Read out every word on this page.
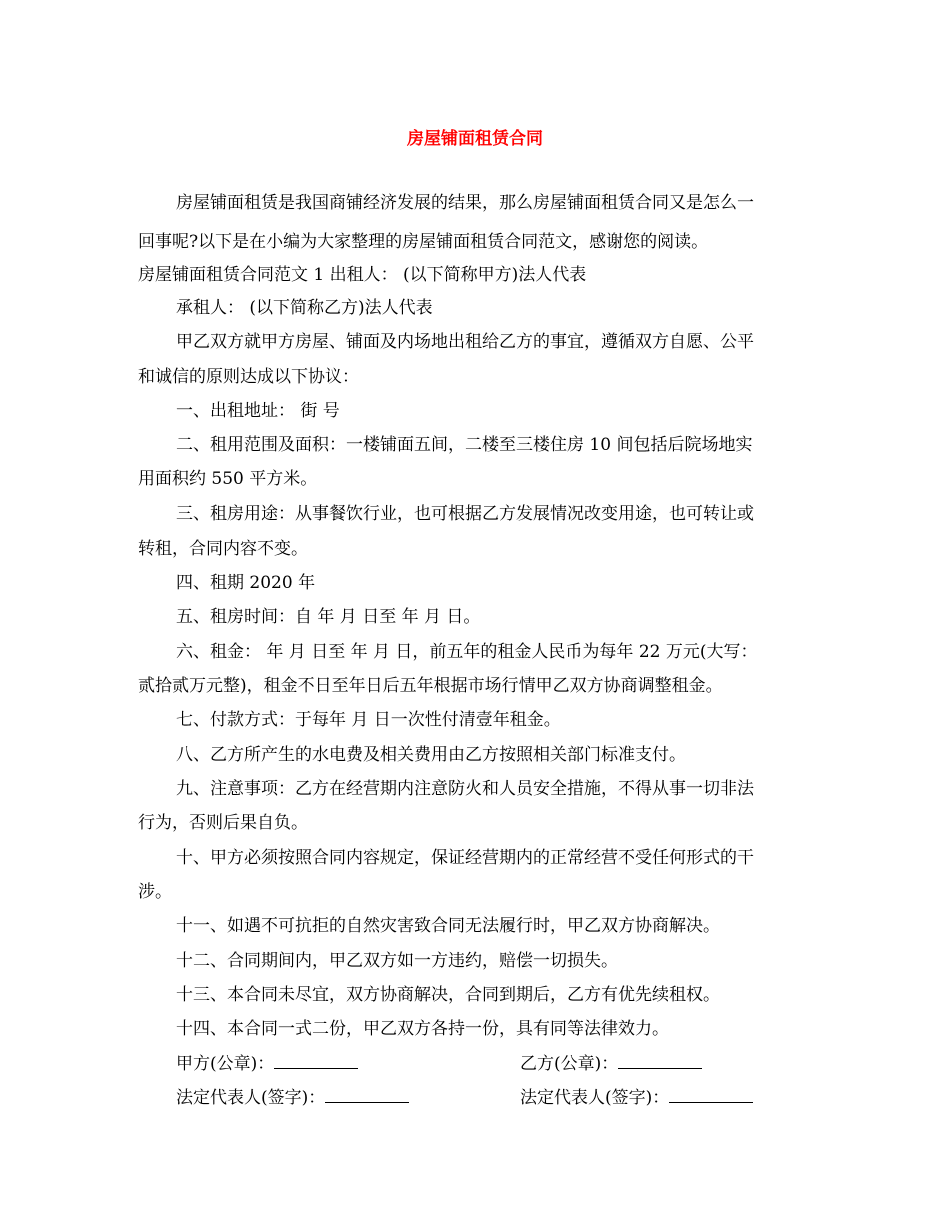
房屋铺面租赁合同
房屋铺面租赁是我国商铺经济发展的结果，那么房屋铺面租赁合同又是怎么一
回事呢?以下是在小编为大家整理的房屋铺面租赁合同范文，感谢您的阅读。
房屋铺面租赁合同范文 1 出租人： (以下简称甲方)法人代表
承租人： (以下简称乙方)法人代表
甲乙双方就甲方房屋、铺面及内场地出租给乙方的事宜，遵循双方自愿、公平
和诚信的原则达成以下协议：
一、出租地址： 街 号
二、租用范围及面积：一楼铺面五间，二楼至三楼住房 10 间包括后院场地实
用面积约 550 平方米。
三、租房用途：从事餐饮行业，也可根据乙方发展情况改变用途，也可转让或
转租，合同内容不变。
四、租期 2020 年
五、租房时间：自 年 月 日至 年 月 日。
六、租金： 年 月 日至 年 月 日，前五年的租金人民币为每年 22 万元(大写：
贰拾贰万元整)，租金不日至年日后五年根据市场行情甲乙双方协商调整租金。
七、付款方式：于每年 月 日一次性付清壹年租金。
八、乙方所产生的水电费及相关费用由乙方按照相关部门标准支付。
九、注意事项：乙方在经营期内注意防火和人员安全措施，不得从事一切非法
行为，否则后果自负。
十、甲方必须按照合同内容规定，保证经营期内的正常经营不受任何形式的干
涉。
十一、如遇不可抗拒的自然灾害致合同无法履行时，甲乙双方协商解决。
十二、合同期间内，甲乙双方如一方违约，赔偿一切损失。
十三、本合同未尽宜，双方协商解决，合同到期后，乙方有优先续租权。
十四、本合同一式二份，甲乙双方各持一份，具有同等法律效力。
甲方(公章)：	乙方(公章)：
法定代表人(签字)：	法定代表人(签字)：
